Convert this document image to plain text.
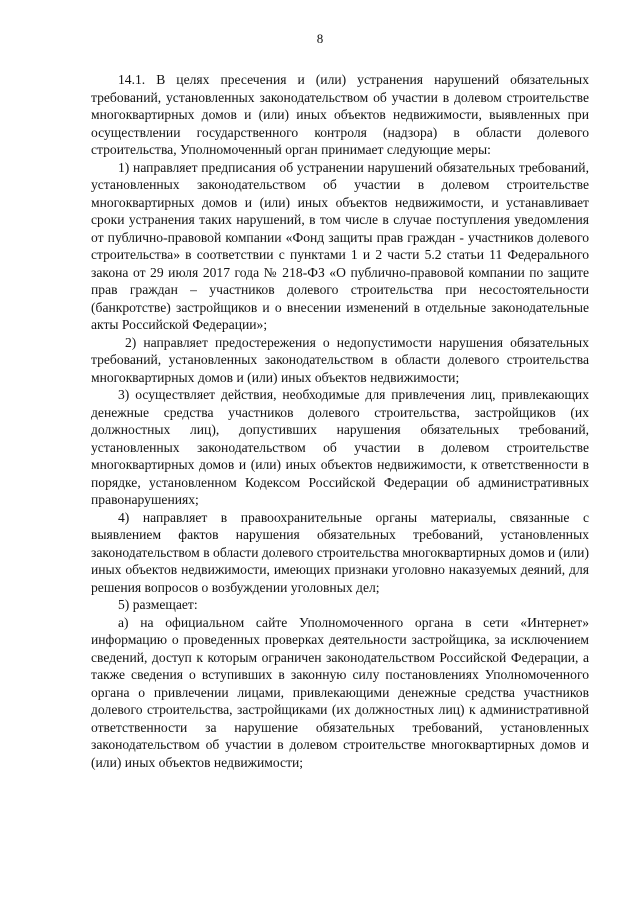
8

14.1. В целях пресечения и (или) устранения нарушений обязательных требований, установленных законодательством об участии в долевом строительстве многоквартирных домов и (или) иных объектов недвижимости, выявленных при осуществлении государственного контроля (надзора) в области долевого строительства, Уполномоченный орган принимает следующие меры:

1) направляет предписания об устранении нарушений обязательных требований, установленных законодательством об участии в долевом строительстве многоквартирных домов и (или) иных объектов недвижимости, и устанавливает сроки устранения таких нарушений, в том числе в случае поступления уведомления от публично-правовой компании «Фонд защиты прав граждан - участников долевого строительства» в соответствии с пунктами 1 и 2 части 5.2 статьи 11 Федерального закона от 29 июля 2017 года № 218-ФЗ «О публично-правовой компании по защите прав граждан – участников долевого строительства при несостоятельности (банкротстве) застройщиков и о внесении изменений в отдельные законодательные акты Российской Федерации»;

2) направляет предостережения о недопустимости нарушения обязательных требований, установленных законодательством в области долевого строительства многоквартирных домов и (или) иных объектов недвижимости;

3) осуществляет действия, необходимые для привлечения лиц, привлекающих денежные средства участников долевого строительства, застройщиков (их должностных лиц), допустивших нарушения обязательных требований, установленных законодательством об участии в долевом строительстве многоквартирных домов и (или) иных объектов недвижимости, к ответственности в порядке, установленном Кодексом Российской Федерации об административных правонарушениях;

4) направляет в правоохранительные органы материалы, связанные с выявлением фактов нарушения обязательных требований, установленных законодательством в области долевого строительства многоквартирных домов и (или) иных объектов недвижимости, имеющих признаки уголовно наказуемых деяний, для решения вопросов о возбуждении уголовных дел;

5) размещает:

а) на официальном сайте Уполномоченного органа в сети «Интернет» информацию о проведенных проверках деятельности застройщика, за исключением сведений, доступ к которым ограничен законодательством Российской Федерации, а также сведения о вступивших в законную силу постановлениях Уполномоченного органа о привлечении лицами, привлекающими денежные средства участников долевого строительства, застройщиками (их должностных лиц) к административной ответственности за нарушение обязательных требований, установленных законодательством об участии в долевом строительстве многоквартирных домов и (или) иных объектов недвижимости;
